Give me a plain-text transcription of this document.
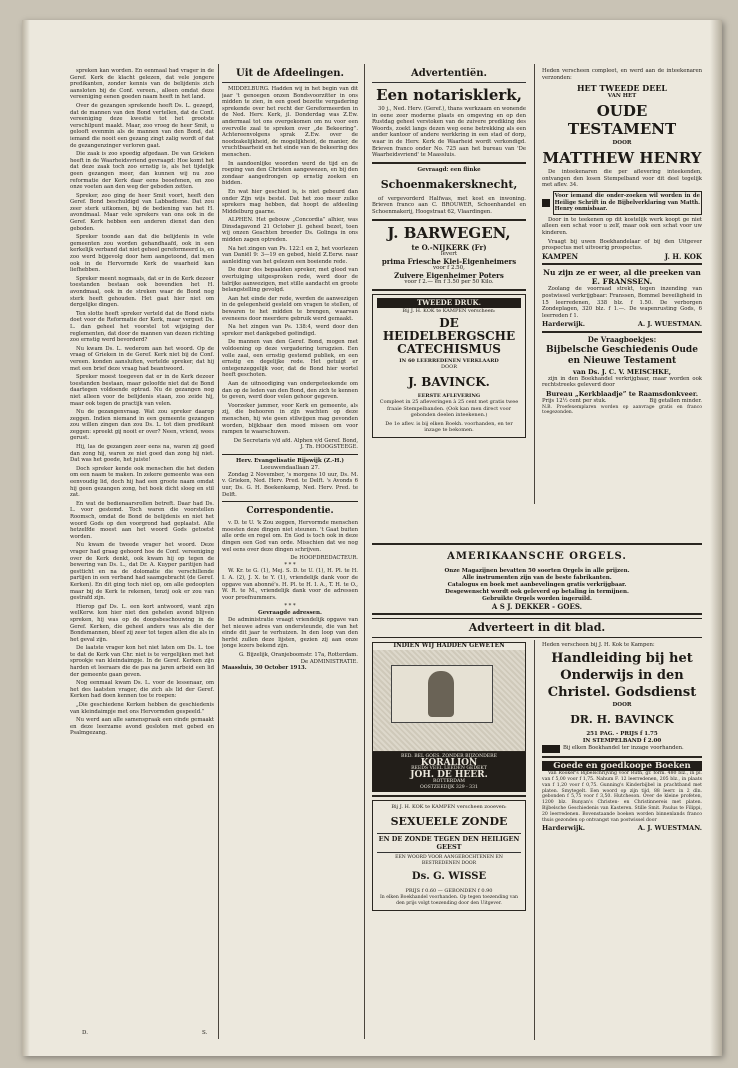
spreken kan worden. En eenmaal had vrager in de Geref. Kerk de klacht gelezen, dat vele jongere predikanten, zonder kennis van de belijdenis zich aansloten bij de Conf. vereen., alleen omdat deze vereeniging eenen goeden naam heeft in het land.

Over de gezangen sprekende heeft Ds. L. gezegd, dat de mannen van den Bond vertellen, dat de Conf. vereeniging deze kwestie tot het grootste verschilpunt maakt. Maar, zoo vroeg de heer Smit, u gelooft evenmin als de mannen van den Bond, dat iemand die nooit een gezang zingt zalig wordt of dat de gezangenzinger verloren gaat.

Die zaak is zoo spoedig afgedaan. De van Grieken heeft in de Waarheidsvriend gevraagd: Hoe komt het dat deze zaak toch zoo ernstig is, als het tijdelijk geen gezangen meer, dan kunnen wij nu zoo reformatie der Kerk daar eens beoefenen, en zoo onze voeten aan den weg der geboden zetten.

Spreker, zoo ging de heer Smit voort, heeft den Geref. Bond beschuldigd van Labbadisme. Dat zou zeer sterk uitkomen, bij de bediening van het H. avondmaal. Maar vele sprekers van ons ook in de Geref. Kerk hebben een anderen dienst dan den geboden.

Spreker toonde aan dat die belijdenis in vele gemeenten zou worden gehandhaafd, ook in een kerkelijk verband dat niet geheel gereformeerd is, en zoo werd bijgevolg door hem aangetoond, dat men ook in de Hervormde Kerk de waarheid kan liefhebben.

Spreker meent nogmaals, dat er in de Kerk dezeer toestanden bestaan ook bovendien het H. avondmaal, ook in de streken waar de Bond nog sterk heeft gehouden. Het gaat hier niet om dergelijke dingen.

Ten slotte heeft spreker verteld dat de Bond niets doet voor de Reformatie der Kerk, maar vergeet Ds. L. dan geheel het voorstel tot wijziging der reglementen, dat door de mannen van dezen richting zoo ernstig werd bevorderd?

Nu kwam Ds. L. wederom aan het woord. Op de vraag of Grieken in de Geref. Kerk niet bij de Conf. vereen. konden aansluiten, vertelde spreker, dat hij met een brief deze vraag had beantwoord.

Spreker moest toegeven dat er in de Kerk dezeer toestanden bestaan, maar geloofde niet dat de Bond daartegen voldoende optrad. Nu de gezangen nog niet alleen voor de belijdenis staan, zoo zeide hij, maar ook tegen de practijk van velen.

Nu de gezangenvraag. Wat zou spreker daarop zeggen. Indien niemand in een gemeente gezangen zou willen zingen dan zou Ds. L. tot dien predikant zeggen: spreekt gij nooit er over? Neen, vriend, wees gerust.

Hij, las de gezangen zeer eens na, waren zij goed dan zong hij, waren ze niet goed dan zong hij niet. Dat was het goede, het juiste!

Doch spreker kende ook menschen die het deden om een naam te maken. In zekere gemeente was een eenvoudig lid, doch hij had een groote naam omdat hij geen gezangen zong, het boek dicht sloeg en stil zat.

En wat de bedienaarsrollen betreft. Daar had Ds. L. voor gestemd. Toch waren die voorstellen Roomsch, omdat de Bond de belijdenis en niet het woord Gods op den voorgrond had geplaatst. Alle hetzelfde moest aan het woord Gods getoetst worden.

Nu kwam de tweede vrager het woord. Deze vrager had graag gehoord hoe de Conf. vereeniging over de Kerk denkt, ook kwam hij op tegen de bewering van Ds. L., dat Dr. A. Kuyper paritijen had gestticht en na de dolomatie die verschillende partijen in een verband had saamgebracht (de Geref. Kerken). En dit ging toch niet op, om alle gedoopten maar bij de Kerk te rekenen, tenzij ook er zou van gestrafd zijn.

Hierop gaf Ds. L. een kort antwoord, want zijn welKerw. kon hier niet den gehelen avond blijven spreken, hij was op de doopsbeschouwing in de Geref. Kerken, die geheel anders was als die der Bondsmannen, bleef zij zeer tot tegen allen die als in het geval zijn.

De laatste vrager kon het niet laten om Ds. L. toe te dat de Kerk van Chr. niet is te vergelijken met het sprookje van kleindaimpje. In de Geref. Kerken zijn harden et leeraars die de pas na jaren arbeid een lid der gemeente gaan geven.

Nog eenmaal kwam Ds. L. voor de lessenaar, om het des laatsten vrager, die zich als lid der Geref. Kerken had doen kennen toe te roepen:

„Die geschiedene Kerken hebben de geschiedenis van kleindaimpje met ons Hervormden gespeeld.”

Nu werd aan alle samenspraak een einde gemaakt en deze leerzame avond gesloten met gebed en Psalmgezang.

Uit de Afdeelingen.

MIDDELBURG. Hadden wij in het begin van dit jaar 't genoegen onzen Bondsvoorzitter in ons midden te zien, in een goed bezette vergadering sprekende over het recht der Gereformeerden in de Ned. Herv. Kerk, jl. Donderdag was Z.Ew. andermaal tot ons overgekomen om nu voor een overvolle zaal te spreken over „de Bekeering”. Achtereenvolgens sprak Z.Ew. over de noodzakelijkheid, de mogelijkheid, de manier, de vruchtbaarheid en het einde van de bekeering des menschen.

In aandoenlijke woorden werd de tijd en de roeping van den Christen aangewezen, en bij den zondaar aangedrongen op ernstig zoeken en bidden.

En wat hier geschied is, is niet gebeurd dan onder Zijn wijs bestel. Dat het zoo meer zulke sprekers mag hebben, dat hoopt de afdeeling Middelburg gaarne.

ALPHEN. Het gebouw „Concordia” alhier, was Dinsdagavond 21 October jl. geheel bezet, toen wij onzen Geachten broeder Ds. Golinga in ons midden zagen optreden.

Na het zingen van Ps. 122:1 en 2, het voorlezen van Daniël 9: 3—19 en gebed, hield Z.Eerw. naar aanleiding van het gelezen een boeiende rede.

De duur des bepaalden spreker, met glood van overtuiging uitgesproken rede, werd door de talrijke aanwezigen, met stille aandacht en groote belangstelling gevolgd.

Aan het einde der rede, werden de aanwezigen in de gelegenheid gesteld om vragen te stellen, of bewaren te het midden te brengen, waarvan eveneens door meerdere gebruik werd gemaakt.

Na het zingen van Ps. 138:4, werd door den spreker met dankgebed geëindigd.

De mannen van den Geref. Bond, mogen met voldoening op deze vergadering terugzien. Een volle zaal, een ernstig gestemd publiek, en een ernstig en degelijke rede. Het getuigt er ontegenzeggelijk voor, dat de Bond hier wortel heeft geschoten.

Aan de uitnoodiging van ondergeteekende om dan op de leden van den Bond, den zich te kennen te geven, werd door velen gehoor gegeven.

Voorzeker jammer, voor Kerk en gemeente, als zij, die behooren in zijn wachten op deze menschen, hij wie geen stilwijgen mag gevonden worden, blijkbaar den moed missen om voor rampen te waarschuwen.

De Secretaris v/d afd. Alphen v/d Geref. Bond,
J. Th. HOOGSTEEGE.
Herv. Evangelisatie Rijswijk (Z.-H.)
Leeuwendaallaan 27.

Zondag 2 November, 's morgens 10 uur, Ds. M. v. Grieken, Ned. Herv. Pred. te Delft. 's Avonds 6 uur, Ds. G. H. Boekenkamp, Ned. Herv. Pred. te Delft.

Correspondentie.

v. D. te U. 'k Zou zeggen, Hervormde menschen moesten deze dingen niet steunen. 't Gaat buiten alle orde en regel om. En God is toch ook in deze dingen een God van orde. Misschien dat we nog wel eens over deze dingen schrijven.

De HOOFDREDACTEUR.
* * *

W. Kr. te G. (1), Mej. S. D. te U. (1), H. Pl. te H. I. A. (2), J. X. te Y. (1), vriendelijk dank voor de opgave van abonné's. H. Pl. te H. I. A., T. H. te O., W. R. te M., vriendelijk dank voor de adressen voor proefnummers.

* * *
Gevraagde adressen.

De administratie vraagt vriendelijk opgave van het nieuwe adres van ondersteunde, die van het einde dit jaar te verhuizen. In den loop van den herfst zullen deze lijsten, gezien zij aan onze jonge lezers bekend zijn.

G. Bijzelijk, Oranjeboomstr. 17a, Rotterdam.
De ADMINISTRATIE.
Maassluis, 30 October 1913.
Advertentiën.
Een notarisklerk,

30 j., Ned. Herv. (Geref.), thans werkzaam en wonende in eene zeer moderne plaats en omgeving en op den Rustdag geheel verstoken van de zuivere prediking des Woords, zoekt langs dezen weg eene betrekking als een ander kantoor of andere werkkring in een stad of dorp, waar in de Herv. Kerk de Waarheid wordt verkondigd. Brieven franco onder No. 725 aan het bureau van 'De Waarheidsvriend' te Maassluis.

Gevraagd: een flinke
Schoenmakersknecht,

of vergevorderd Halfwas, met kost en inwoning. Brieven franco aan C. BROUWER, Schoenhandel en Schoenmakerij, Hoogstraat 62, Vlaardingen.

J. BARWEGEN,
te O.-NIJKERK (Fr)
levert
prima Friesche Klei-Eigenheimers
voor f 2.50,
Zuivere Eigenheimer Poters
voor f 2.— en f 3.50 per 50 Kilo.
TWEEDE DRUK.
Bij J. H. KOK te KAMPEN verscheen:
DE HEIDELBERGSCHE CATECHISMUS
IN 60 LEERREDENEN VERKLAARD
DOOR
J. BAVINCK.
EERSTE AFLEVERING

Compleet in 25 afleveringen à 25 cent met gratis twee fraaie Stempelbanden. (Ook kan men direct voor gebonden deelen inteekenen.)

De 1e aflev. is bij elken Boekh. voorhanden, en ter inzage te bekomen.

Heden verscheen compleet, en werd aan de inteekenaren verzonden:

HET TWEEDE DEEL
VAN HET
OUDE TESTAMENT
DOOR
MATTHEW HENRY

De inteekenaren die per aflevering inteekenden, ontvangen den losen Stempelband voor dit deel tegelijk met aflev. 34.

Voor iemand die onder-zoeken wil worden in de Heilige Schrift in de Bijbelverklaring van Matth. Henry onmisbaar.

Door in te teekenen op dit kostelijk werk koopt ge niet alleen een schat voor u zelf, maar ook een schat voor uw kinderen.

Vraagt bij uwen Boekhandelaar of bij den Uitgever prospectus met uitvoerig prospectus.

KAMPEN	J. H. KOK
Nu zijn ze er weer, al die preeken van E. FRANSSEN.

Zoolang de voorraad strekt, tegen inzending van postwissel verkrijgbaar: Franssen, Bommel beveiligheid in 15 leerredenen, 338 blz. f 1.50. De verborgen Zondeplagen, 320 blz. f 1.—. De wapenrusting Gods, 6 leerreden f 1.

Harderwijk.	A. J. WUESTMAN.
De Vraagboekjes:
Bijbelsche Geschiedenis Oude en Nieuwe Testament
van Ds. J. C. V. MEISCHKE,

zijn in den Boekhandel verkrijgbaar, maar worden ook rechtstreeks geleverd door

Bureau „Kerkblaadje” te Raamsdonkveer.
Prijs 12½ cent per stuk.	Bij getallen minder.
N.B. Proefexemplaren worden op aanvrage gratis en franco toegezonden.
AMERIKAANSCHE ORGELS.
Onze Magazijnen bevatten 50 soorten Orgels in alle prijzen.
Alle instrumenten zijn van de beste fabrikanten.
Catalogus en boek met aanbevelingen gratis verkrijgbaar.
Desgewenscht wordt ook geleverd op betaling in termijnen.
Gebruikte Orgels worden ingeruild.
A S J. DEKKER - GOES.
Adverteert in dit blad.
INDIEN WIJ HADDEN GEWETEN
BED. BEL GOES. ZONDER BIJZONDERE
KORALION
REEDS VEEL LEEDEN GEDEKT
JOH. DE HEER.
ROTTERDAM
OOSTZEEDIJK 329 - 331
Bij J. H. KOK te KAMPEN verscheen zooeven:
SEXUEELE ZONDE
EN DE ZONDE TEGEN DEN HEILIGEN GEEST
EEN WOORD VOOR AANGEBOCHTENEN EN BESTREDENEN DOOR
Ds. G. WISSE
PRIJS f 0.60 — GEBONDEN f 0.90
In elken Boekhandel voorhanden. Op tegen toezending van den prijs volgt toezending door den Uitgever.
Heden verscheen bij J. H. Kok te Kampen:
Handleiding bij het
Onderwijs in den
Christel. Godsdienst
DOOR
DR. H. BAVINCK
251 PAG. - PRIJS f 1.75
IN STEMPELBAND f 2.00
Bij elken Boekhandel ter inzage voorhanden.
Goede en goedkoope Boeken

Van Rooker's Bijbelschrijving voor Ruth, gr. form. 480 blz., in pl. van f 5,00 voor f 1,75. Nahum F. 12 leerredenen, 205 blz., in plaats van f 1,20 voor f 0,75. Gunning's Kinderbijbel in prachtband met platen. Smytegelt. Een woord op zijn tijd, 88 leerr. in 2 dln. gebonden f 5,75 voor f 3,50. Hutcheson. Over de kleine profeten, 1200 blz. Bunyan's Christen- en Christinnereis met platen. Bijbelsche Geschiedenis van Kasteren. Stille Smit. Paulus te Filippi, 20 leerredenen. Bovenstaande boeken worden binnenlands franco thuis gezonden op ontvangst van postwissel door

Harderwijk.	A. J. WUESTMAN.
D.	S.
